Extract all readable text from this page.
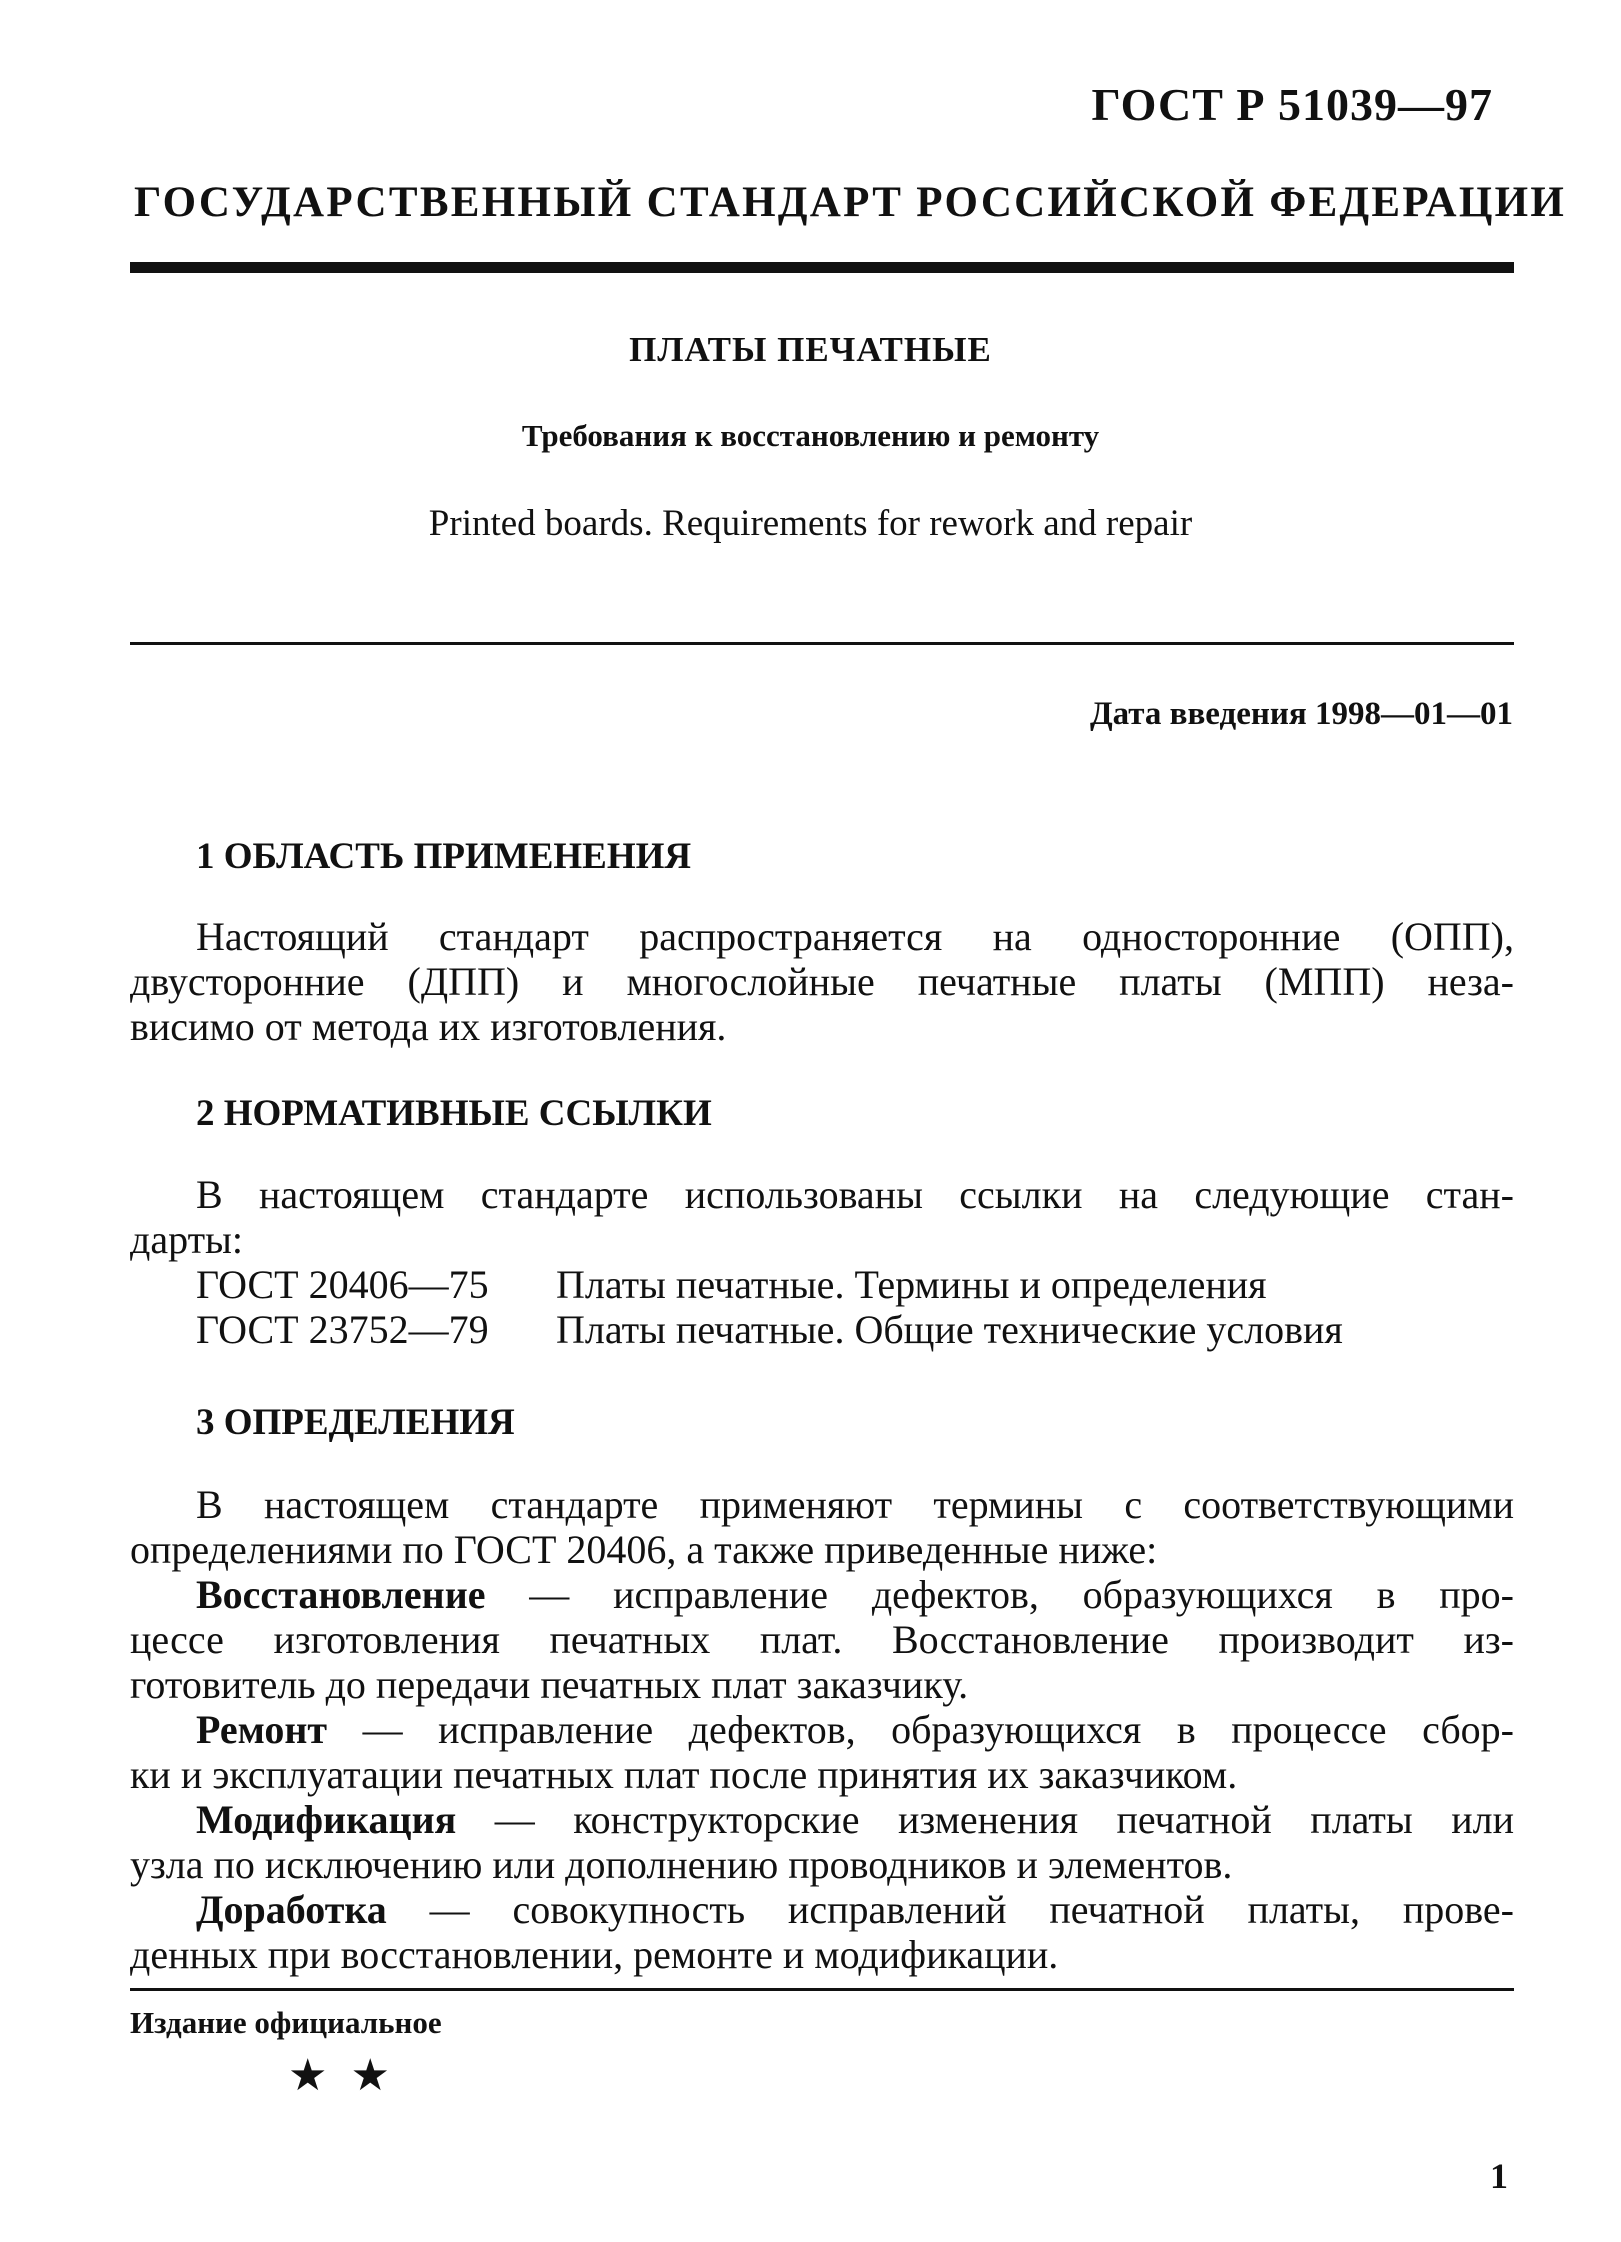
ГОСТ Р 51039—97
ГОСУДАРСТВЕННЫЙ СТАНДАРТ РОССИЙСКОЙ ФЕДЕРАЦИИ
ПЛАТЫ ПЕЧАТНЫЕ
Требования к восстановлению и ремонту
Printed boards. Requirements for rework and repair
Дата введения 1998—01—01
1 ОБЛАСТЬ ПРИМЕНЕНИЯ
Настоящий стандарт распространяется на односторонние (ОПП),
двусторонние (ДПП) и многослойные печатные платы (МПП) неза-
висимо от метода их изготовления.
2 НОРМАТИВНЫЕ ССЫЛКИ
В настоящем стандарте использованы ссылки на следующие стан-
дарты:
ГОСТ 20406—75 Платы печатные. Термины и определения
ГОСТ 23752—79 Платы печатные. Общие технические условия
3 ОПРЕДЕЛЕНИЯ
В настоящем стандарте применяют термины с соответствующими
определениями по ГОСТ 20406, а также приведенные ниже:
Восстановление — исправление дефектов, образующихся в про-
цессе изготовления печатных плат. Восстановление производит из-
готовитель до передачи печатных плат заказчику.
Ремонт — исправление дефектов, образующихся в процессе сбор-
ки и эксплуатации печатных плат после принятия их заказчиком.
Модификация — конструкторские изменения печатной платы или
узла по исключению или дополнению проводников и элементов.
Доработка — совокупность исправлений печатной платы, прове-
денных при восстановлении, ремонте и модификации.
Издание официальное
★ ★
1
